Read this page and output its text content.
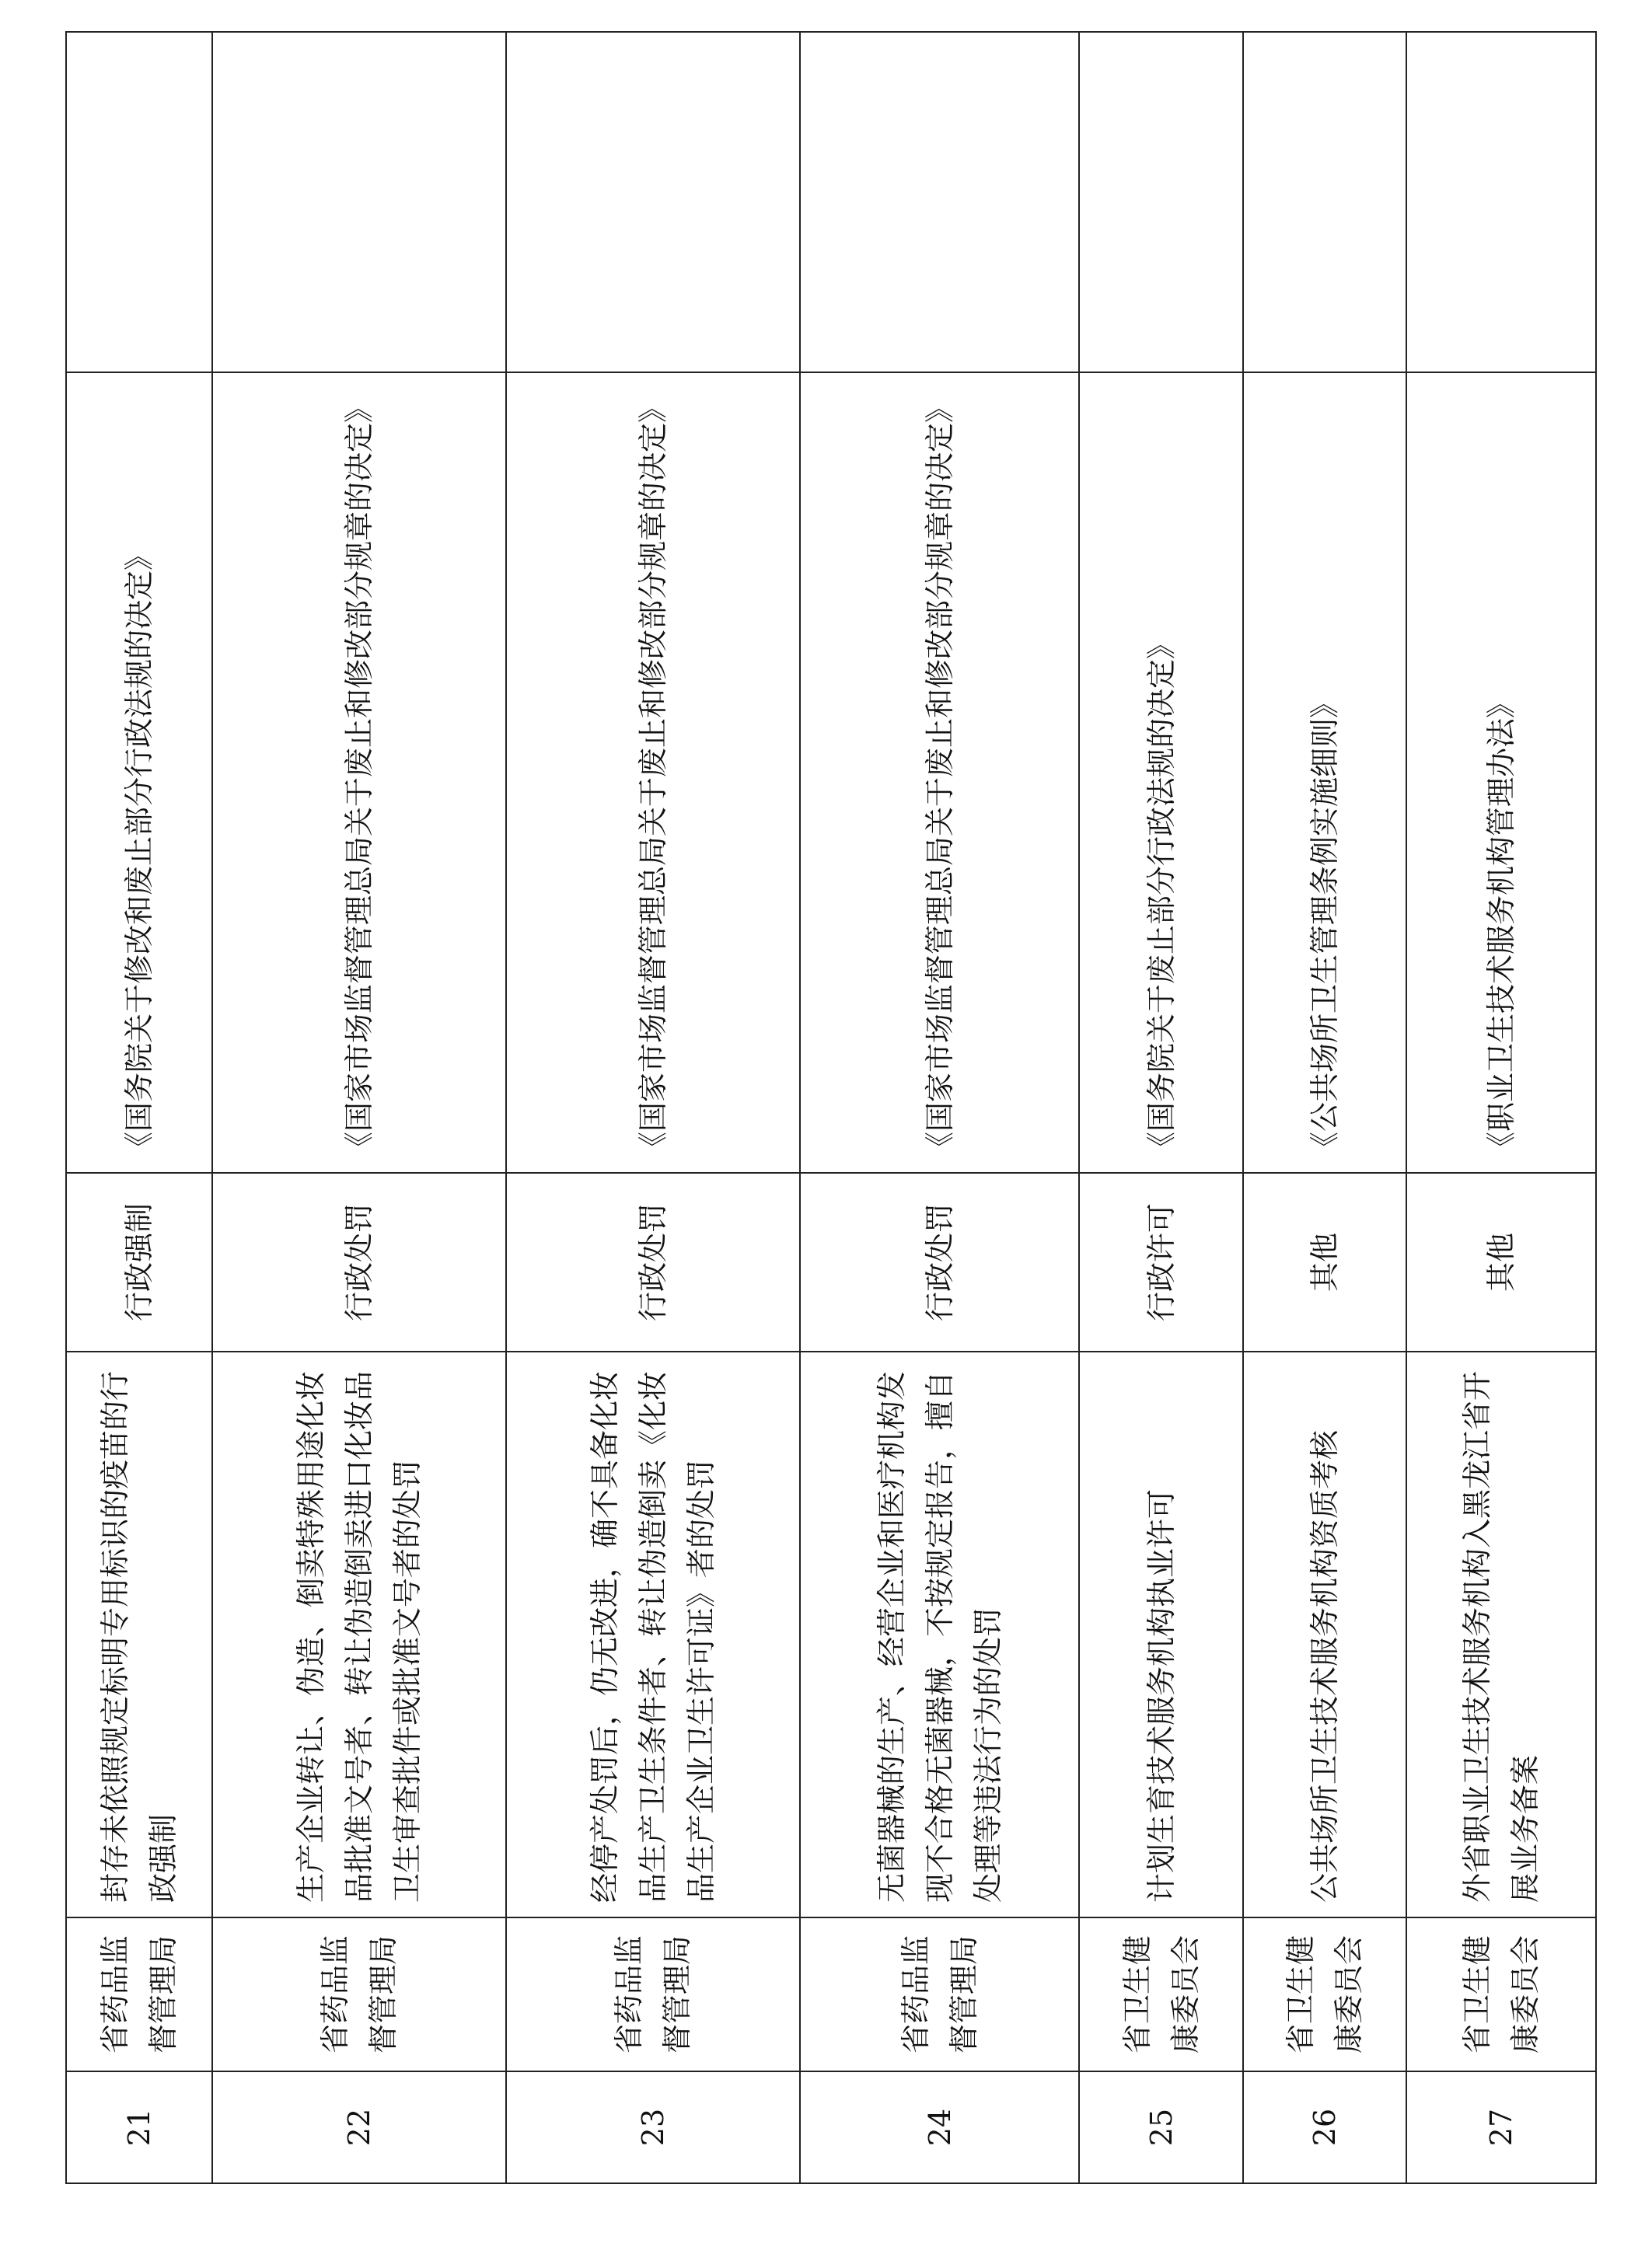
21
省药品监督管理局
封存未依照规定标明专用标识的疫苗的行政强制
行政强制
《国务院关于修改和废止部分行政法规的决定》
22
省药品监督管理局
生产企业转让、伪造、倒卖特殊用途化妆品批准文号者、转让伪造倒卖进口化妆品卫生审查批件或批准文号者的处罚
行政处罚
《国家市场监督管理总局关于废止和修改部分规章的决定》
23
省药品监督管理局
经停产处罚后，仍无改进，确不具备化妆品生产卫生条件者、转让伪造倒卖《化妆品生产企业卫生许可证》者的处罚
行政处罚
《国家市场监督管理总局关于废止和修改部分规章的决定》
24
省药品监督管理局
无菌器械的生产、经营企业和医疗机构发现不合格无菌器械，不按规定报告，擅自处理等违法行为的处罚
行政处罚
《国家市场监督管理总局关于废止和修改部分规章的决定》
25
省卫生健康委员会
计划生育技术服务机构执业许可
行政许可
《国务院关于废止部分行政法规的决定》
26
省卫生健康委员会
公共场所卫生技术服务机构资质考核
其他
《公共场所卫生管理条例实施细则》
27
省卫生健康委员会
外省职业卫生技术服务机构入黑龙江省开展业务备案
其他
《职业卫生技术服务机构管理办法》
